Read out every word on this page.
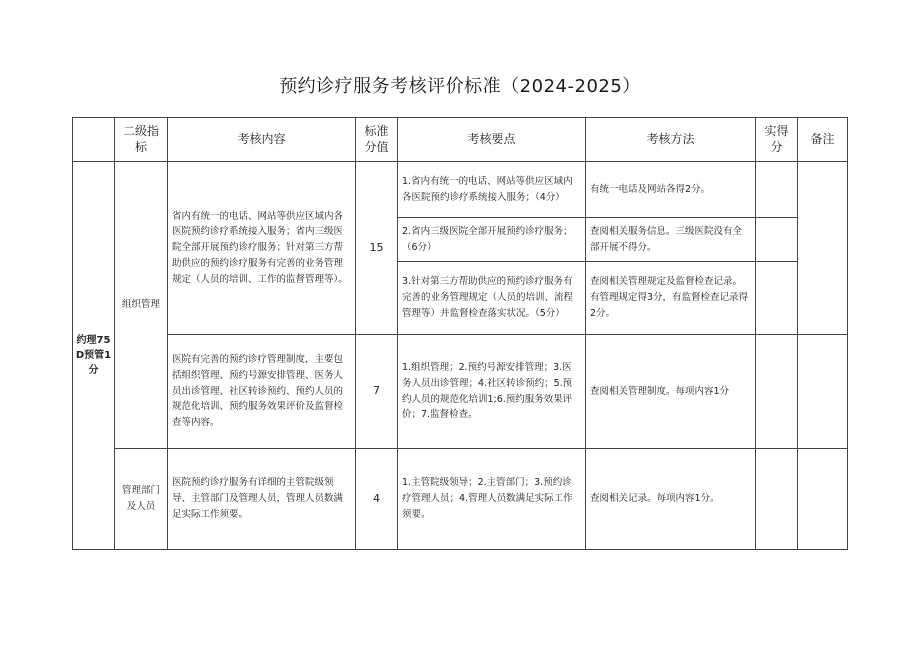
预约诊疗服务考核评价标准（2024-2025）
	二级指标	考核内容	标准分值	考核要点	考核方法	实得分	备注
约理75D预管1分	组织管理	省内有统一的电话、网站等供应区域内各医院预约诊疗系统接入服务；省内三级医院全部开展预约诊疗服务；针对第三方帮助供应的预约诊疗服务有完善的业务管理规定（人员的培训、工作的监督管理等）。	15	1.省内有统一的电话、网站等供应区域内各医院预约诊疗系统接入服务；（4分）	有统一电话及网站各得2分。		
				2.省内三级医院全部开展预约诊疗服务；（6分）	查阅相关服务信息。三级医院没有全部开展不得分。		
				3.针对第三方帮助供应的预约诊疗服务有完善的业务管理规定（人员的培训、流程管理等）并监督检查落实状况。（5分）	查阅相关管理规定及监督检查记录。有管理规定得3分，有监督检查记录得2分。		
		医院有完善的预约诊疗管理制度，主要包括组织管理、预约号源安排管理、医务人员出诊管理、社区转诊预约、预约人员的规范化培训、预约服务效果评价及监督检查等内容。	7	1.组织管理；2.预约号源安排管理；3.医务人员出诊管理；4.社区转诊预约；5.预约人员的规范化培训1;6.预约服务效果评价；7.监督检查。	查阅相关管理制度。每项内容1分		
	管理部门及人员	医院预约诊疗服务有详细的主管院级领导、主管部门及管理人员，管理人员数满足实际工作须要。	4	1.主管院级领导；2.主管部门；3.预约诊疗管理人员；4.管理人员数满足实际工作须要。	查阅相关记录。每项内容1分。		
